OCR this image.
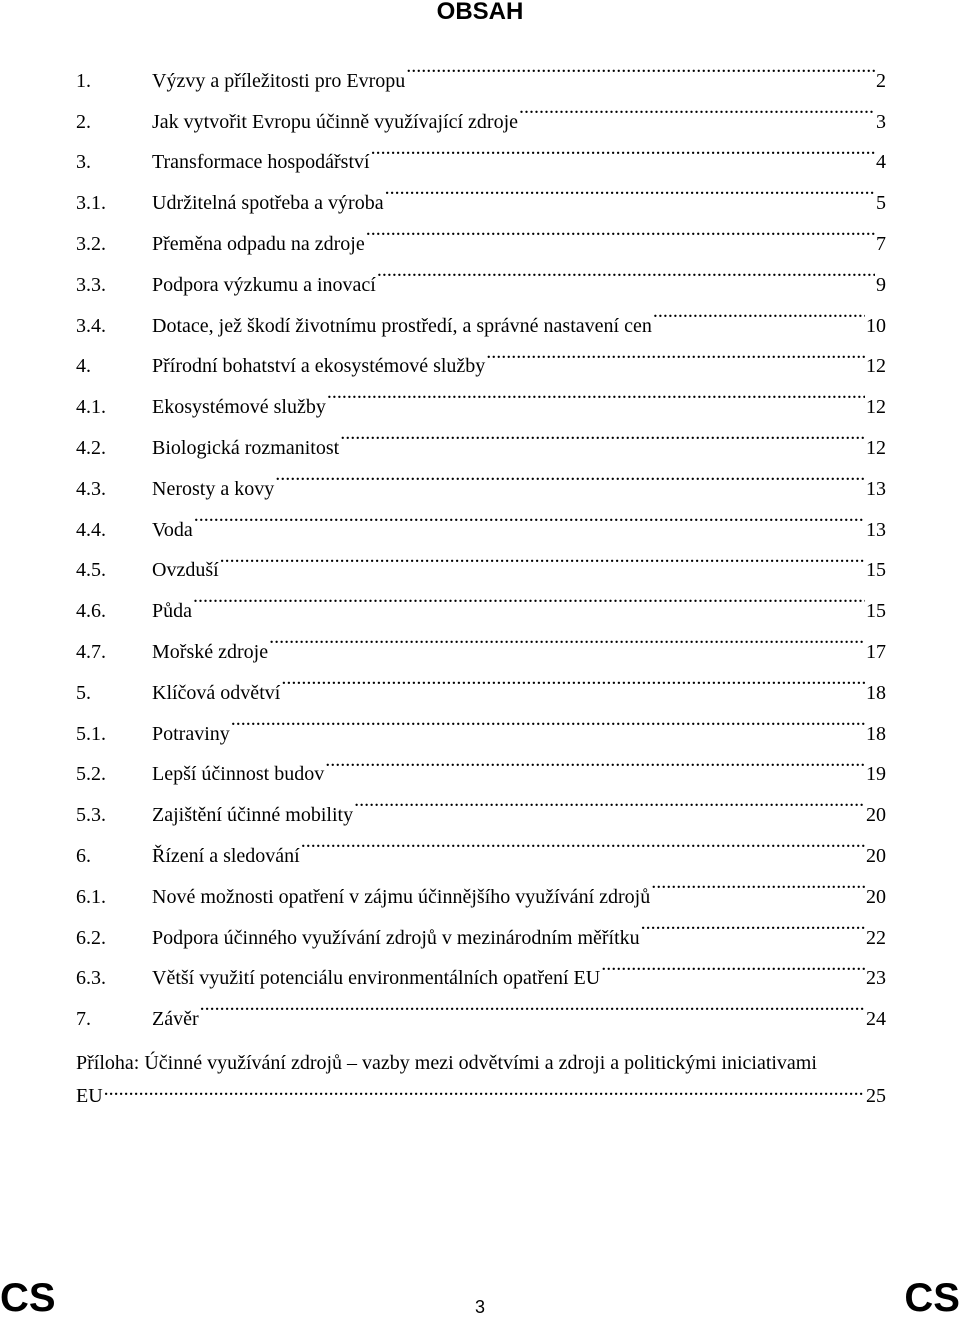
OBSAH
1.	Výzvy a příležitosti pro Evropu .....	2
2.	Jak vytvořit Evropu účinně využívající zdroje .....	3
3.	Transformace hospodářství .....	4
3.1.	Udržitelná spotřeba a výroba .....	5
3.2.	Přeměna odpadu na zdroje .....	7
3.3.	Podpora výzkumu a inovací .....	9
3.4.	Dotace, jež škodí životnímu prostředí, a správné nastavení cen .....	10
4.	Přírodní bohatství a ekosystémové služby .....	12
4.1.	Ekosystémové služby .....	12
4.2.	Biologická rozmanitost .....	12
4.3.	Nerosty a kovy .....	13
4.4.	Voda .....	13
4.5.	Ovzduší .....	15
4.6.	Půda .....	15
4.7.	Mořské zdroje .....	17
5.	Klíčová odvětví .....	18
5.1.	Potraviny .....	18
5.2.	Lepší účinnost budov .....	19
5.3.	Zajištění účinné mobility .....	20
6.	Řízení a sledování .....	20
6.1.	Nové možnosti opatření v zájmu účinnějšího využívání zdrojů .....	20
6.2.	Podpora účinného využívání zdrojů v mezinárodním měřítku .....	22
6.3.	Větší využití potenciálu environmentálních opatření EU .....	23
7.	Závěr .....	24
Příloha: Účinné využívání zdrojů – vazby mezi odvětvími a zdroji a politickými iniciativami
EU .....	25
CS	3	CS
